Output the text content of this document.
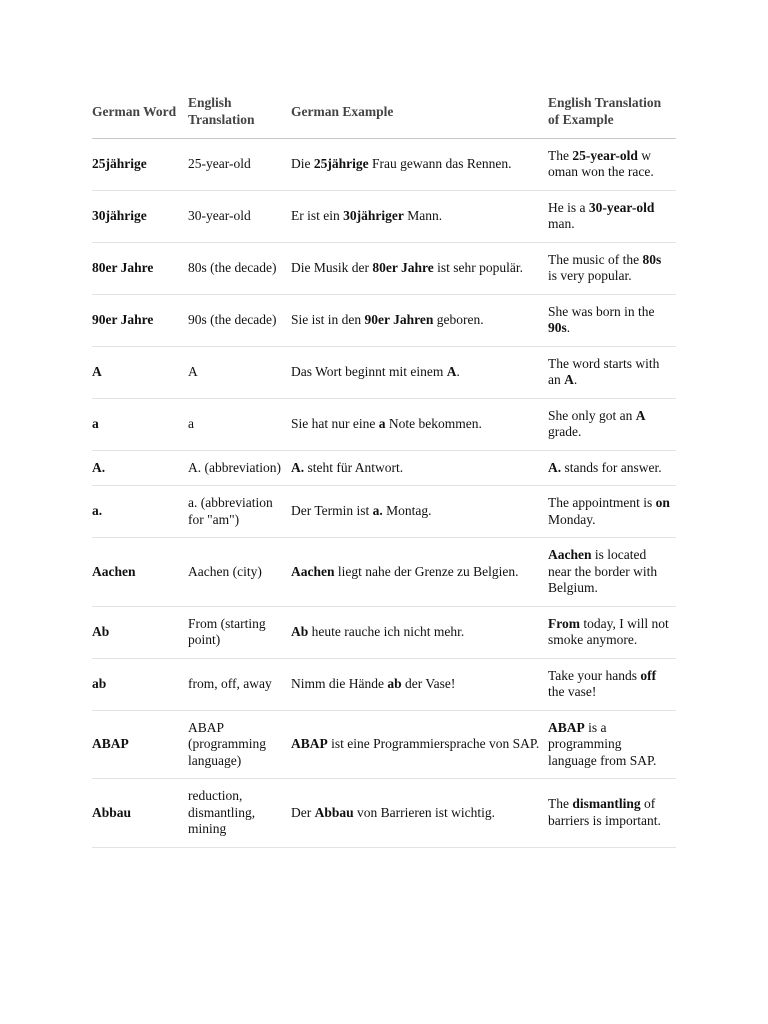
German Word	English Translation	German Example	English Translation of Example
25jährige	25-year-old	Die 25jährige Frau gewann das Rennen.	The 25-year-old w oman won the race.
30jährige	30-year-old	Er ist ein 30jähriger Mann.	He is a 30-year-old man.
80er Jahre	80s (the decade)	Die Musik der 80er Jahre ist sehr populär.	The music of the 80s is very popular.
90er Jahre	90s (the decade)	Sie ist in den 90er Jahren geboren.	She was born in the 90s.
A	A	Das Wort beginnt mit einem A.	The word starts with an A.
a	a	Sie hat nur eine a Note bekommen.	She only got an A grade.
A.	A. (abbreviation)	A. steht für Antwort.	A. stands for answer.
a.	a. (abbreviation for "am")	Der Termin ist a. Montag.	The appointment is on Monday.
Aachen	Aachen (city)	Aachen liegt nahe der Grenze zu Belgien.	Aachen is located near the border with Belgium.
Ab	From (starting point)	Ab heute rauche ich nicht mehr.	From today, I will not smoke anymore.
ab	from, off, away	Nimm die Hände ab der Vase!	Take your hands off the vase!
ABAP	ABAP (programming language)	ABAP ist eine Programmiersprache von SAP.	ABAP is a programming language from SAP.
Abbau	reduction, dismantling, mining	Der Abbau von Barrieren ist wichtig.	The dismantling of barriers is important.
